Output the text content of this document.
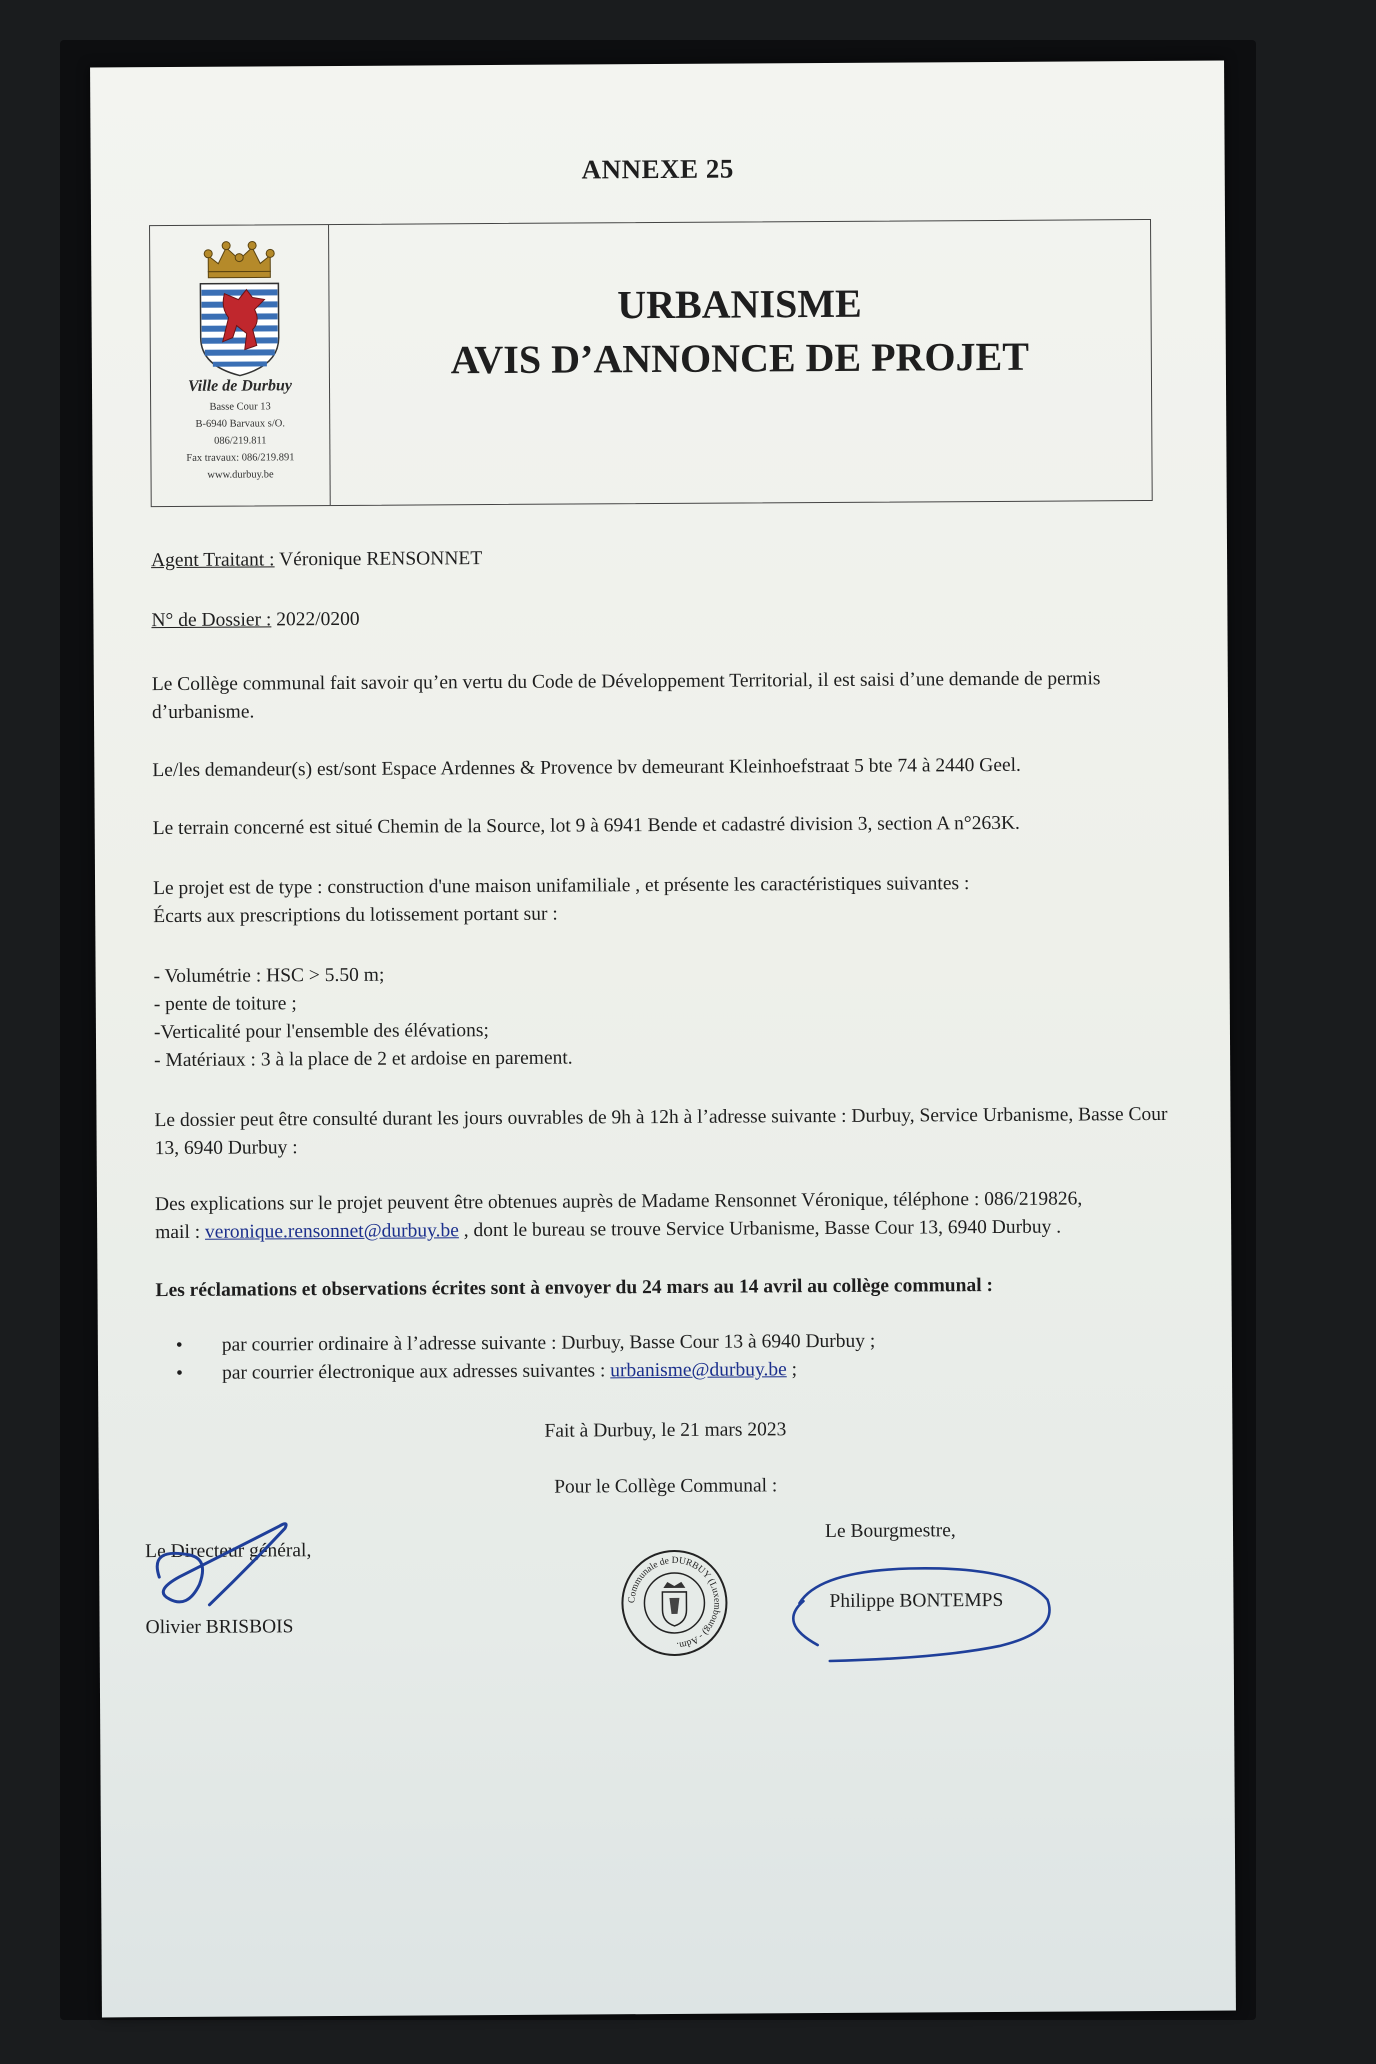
ANNEXE 25
Ville de Durbuy
Basse Cour 13
B-6940 Barvaux s/O.
086/219.811
Fax travaux: 086/219.891
www.durbuy.be
URBANISME
AVIS D’ANNONCE DE PROJET
Agent Traitant : Véronique RENSONNET
N° de Dossier : 2022/0200
Le Collège communal fait savoir qu’en vertu du Code de Développement Territorial, il est saisi d’une demande de permis d’urbanisme.
Le/les demandeur(s) est/sont Espace Ardennes & Provence bv demeurant Kleinhoefstraat 5 bte 74 à 2440 Geel.
Le terrain concerné est situé Chemin de la Source, lot 9 à 6941 Bende et cadastré division 3, section A n°263K.
Le projet est de type : construction d'une maison unifamiliale , et présente les caractéristiques suivantes :
Écarts aux prescriptions du lotissement portant sur :
- Volumétrie : HSC > 5.50 m;
- pente de toiture ;
-Verticalité pour l'ensemble des élévations;
- Matériaux : 3 à la place de 2 et ardoise en parement.
Le dossier peut être consulté durant les jours ouvrables de 9h à 12h à l’adresse suivante : Durbuy, Service Urbanisme, Basse Cour 13, 6940 Durbuy :
Des explications sur le projet peuvent être obtenues auprès de Madame Rensonnet Véronique, téléphone : 086/219826,
mail : veronique.rensonnet@durbuy.be , dont le bureau se trouve Service Urbanisme, Basse Cour 13, 6940 Durbuy .
Les réclamations et observations écrites sont à envoyer du 24 mars au 14 avril au collège communal :
• par courrier ordinaire à l’adresse suivante : Durbuy, Basse Cour 13 à 6940 Durbuy ;
• par courrier électronique aux adresses suivantes : urbanisme@durbuy.be ;
Fait à Durbuy, le 21 mars 2023
Pour le Collège Communal :
Le Directeur général,
Olivier BRISBOIS
Le Bourgmestre,
Philippe BONTEMPS
Communale de DURBUY (Luxembourg) - Adm.
